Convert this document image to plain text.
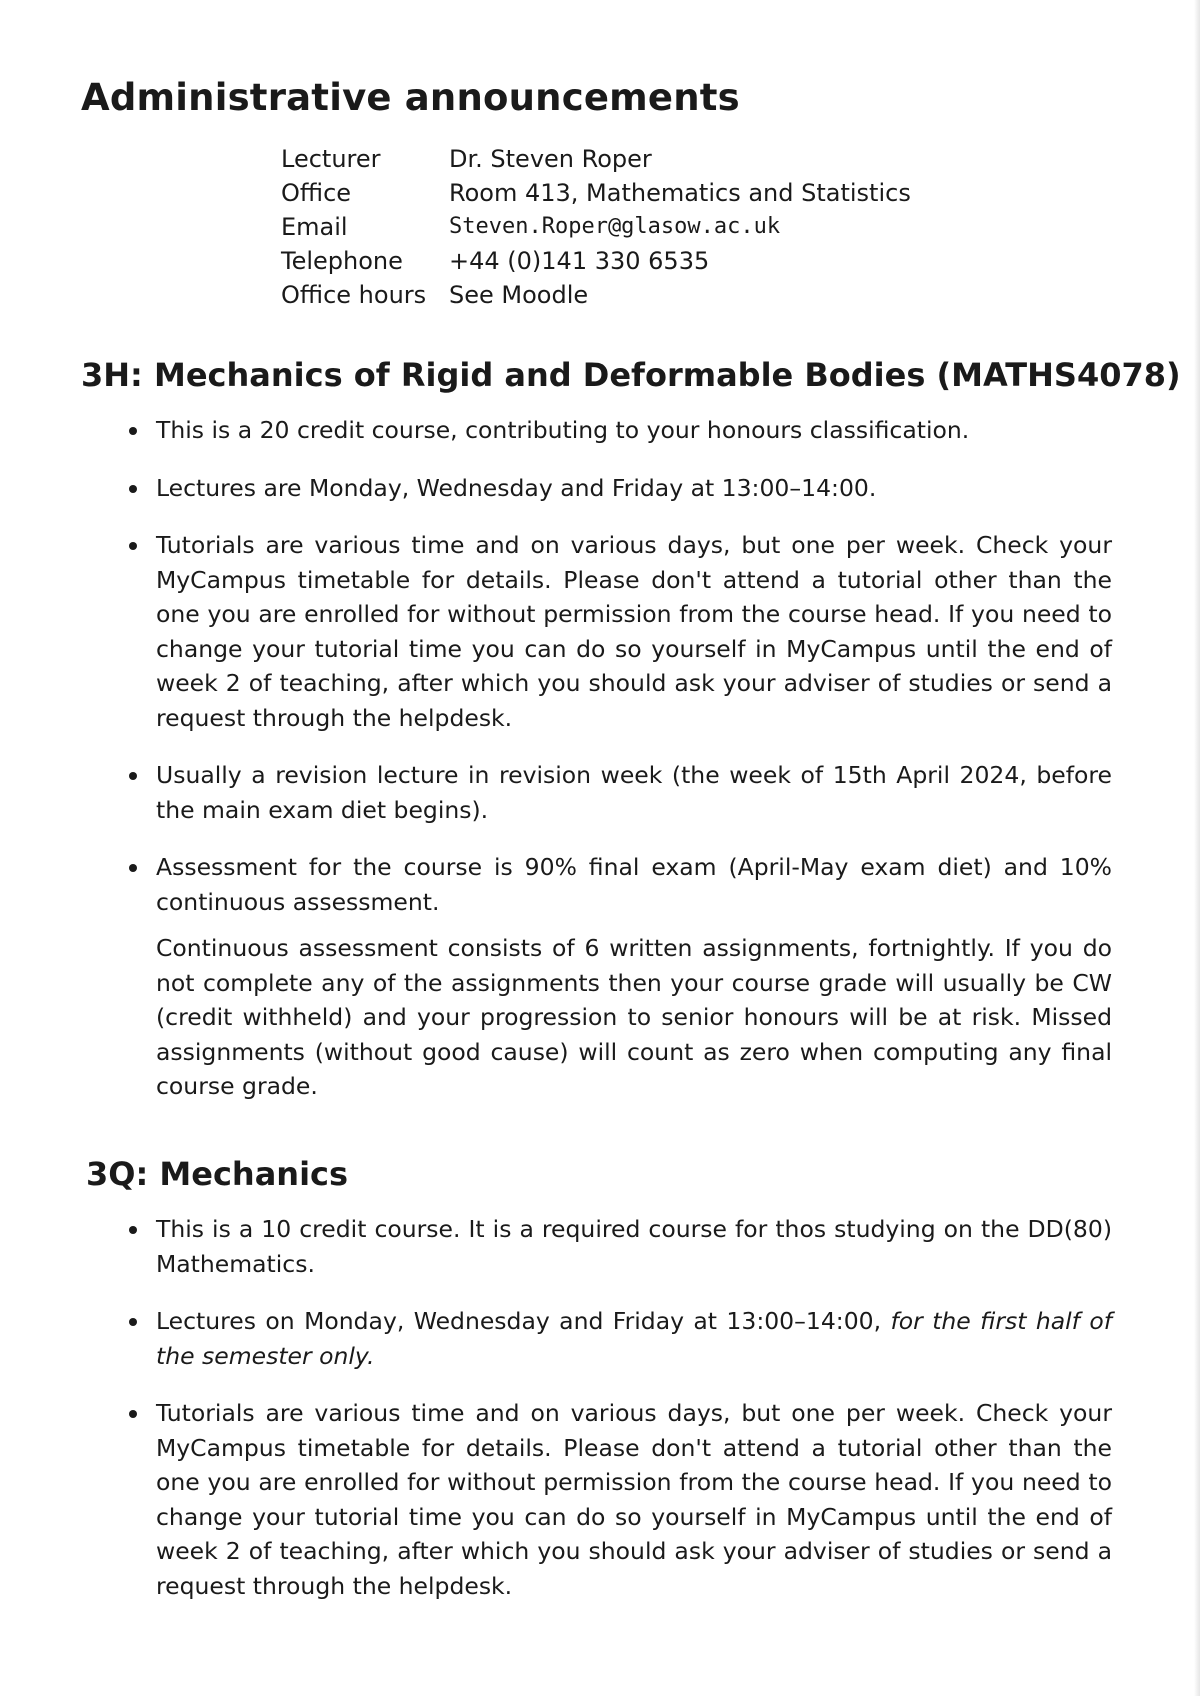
Administrative announcements
Lecturer	Dr. Steven Roper
Office	Room 413, Mathematics and Statistics
Email	Steven.Roper@glasow.ac.uk
Telephone	+44 (0)141 330 6535
Office hours	See Moodle
3H: Mechanics of Rigid and Deformable Bodies (MATHS4078)
This is a 20 credit course, contributing to your honours classification.
Lectures are Monday, Wednesday and Friday at 13:00–14:00.
Tutorials are various time and on various days, but one per week. Check your MyCampus timetable for details. Please don't attend a tutorial other than the one you are enrolled for without permission from the course head. If you need to change your tutorial time you can do so yourself in MyCampus until the end of week 2 of teaching, after which you should ask your adviser of studies or send a request through the helpdesk.
Usually a revision lecture in revision week (the week of 15th April 2024, before the main exam diet begins).
Assessment for the course is 90% final exam (April-May exam diet) and 10% continuous assessment.

Continuous assessment consists of 6 written assignments, fortnightly. If you do not complete any of the assignments then your course grade will usually be CW (credit withheld) and your progression to senior honours will be at risk. Missed assignments (without good cause) will count as zero when computing any final course grade.

3Q: Mechanics
This is a 10 credit course. It is a required course for thos studying on the DD(80) Mathematics.
Lectures on Monday, Wednesday and Friday at 13:00–14:00, for the first half of the semester only.
Tutorials are various time and on various days, but one per week. Check your MyCampus timetable for details. Please don't attend a tutorial other than the one you are enrolled for without permission from the course head. If you need to change your tutorial time you can do so yourself in MyCampus until the end of week 2 of teaching, after which you should ask your adviser of studies or send a request through the helpdesk.
